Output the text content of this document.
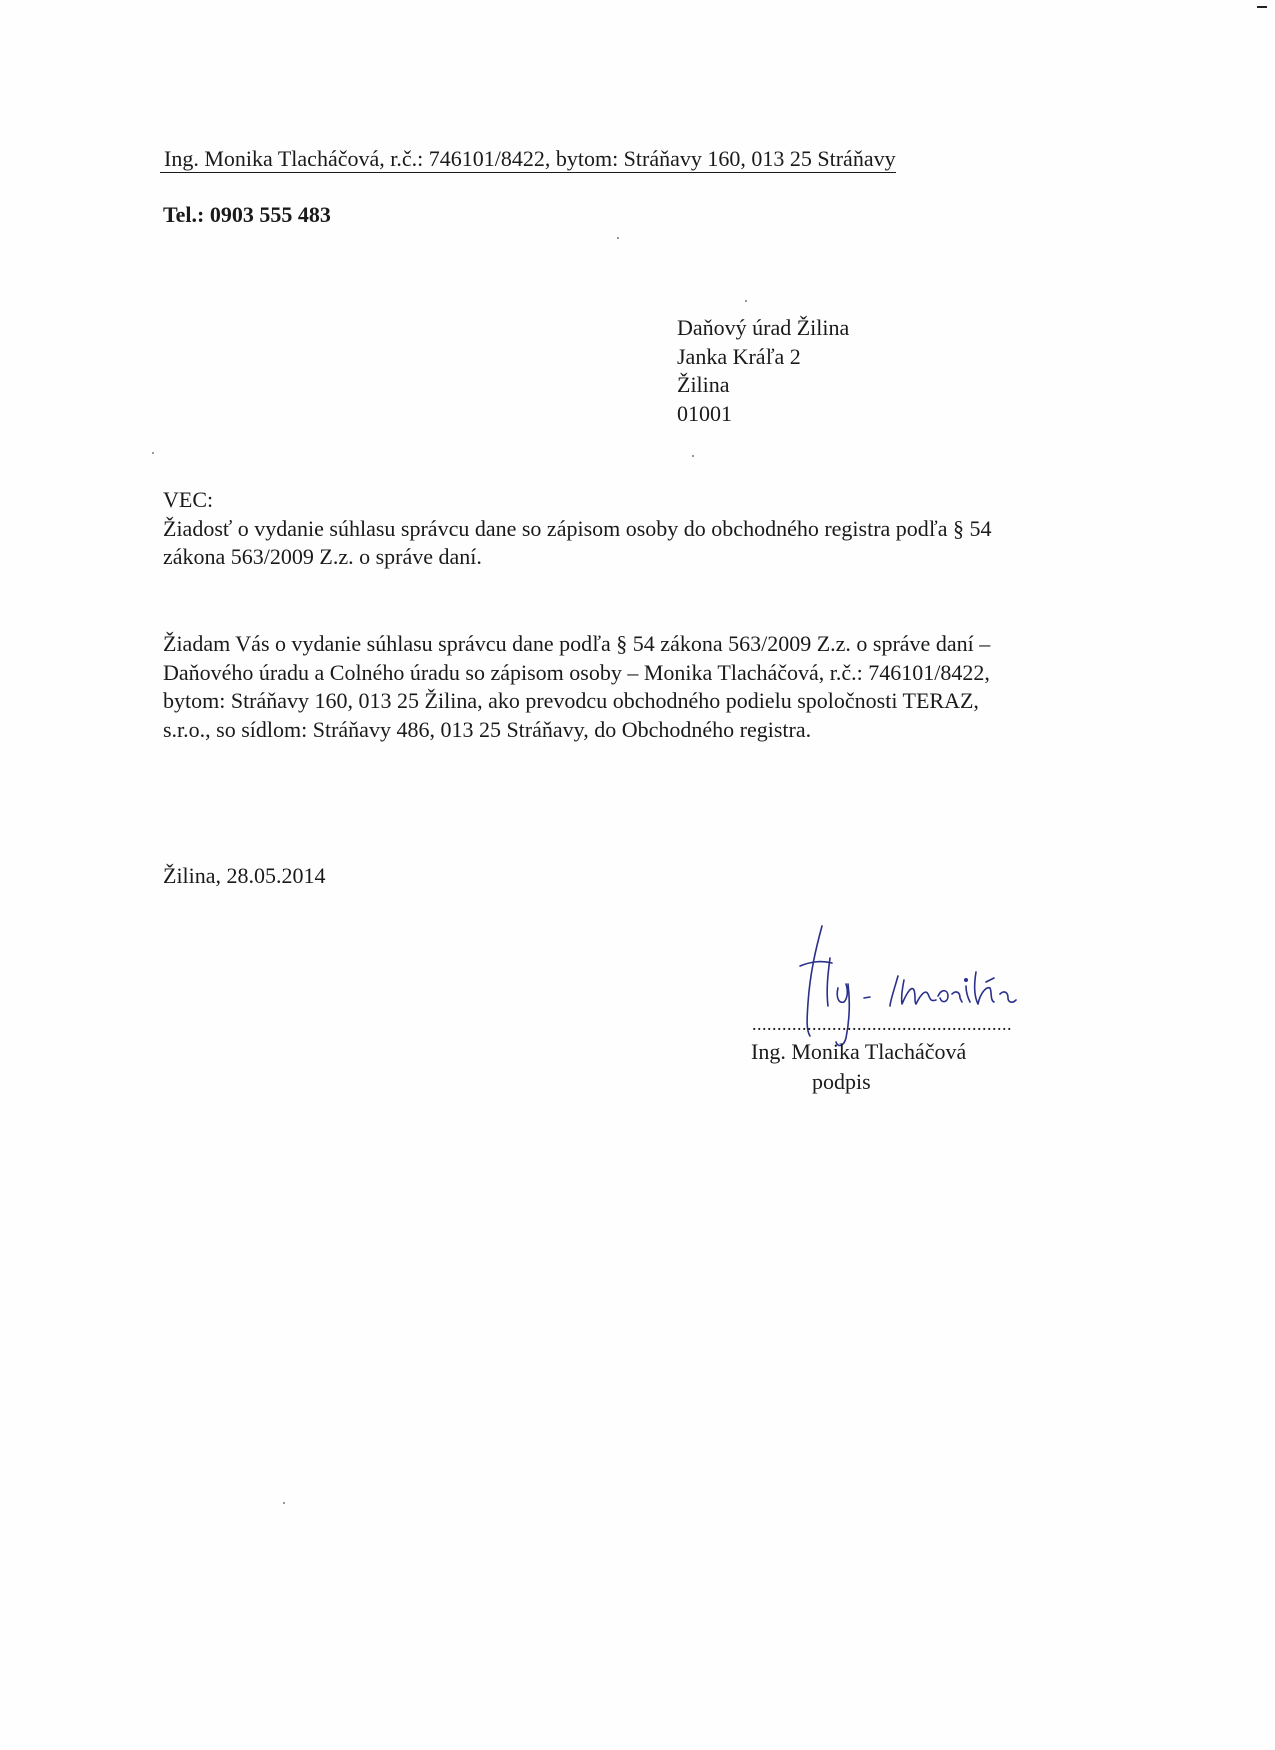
Ing. Monika Tlacháčová, r.č.: 746101/8422, bytom: Stráňavy 160, 013 25 Stráňavy
Tel.: 0903 555 483
Daňový úrad Žilina
Janka Kráľa 2
Žilina
01001
VEC:
Žiadosť o vydanie súhlasu správcu dane so zápisom osoby do obchodného registra podľa § 54
zákona 563/2009 Z.z. o správe daní.
Žiadam Vás o vydanie súhlasu správcu dane podľa § 54 zákona 563/2009 Z.z. o správe daní –
Daňového úradu a Colného úradu so zápisom osoby – Monika Tlacháčová, r.č.: 746101/8422,
bytom: Stráňavy 160, 013 25 Žilina, ako prevodcu obchodného podielu spoločnosti TERAZ,
s.r.o., so sídlom: Stráňavy 486, 013 25 Stráňavy, do Obchodného registra.
Žilina, 28.05.2014
....................................................
Ing. Monika Tlacháčová
podpis
